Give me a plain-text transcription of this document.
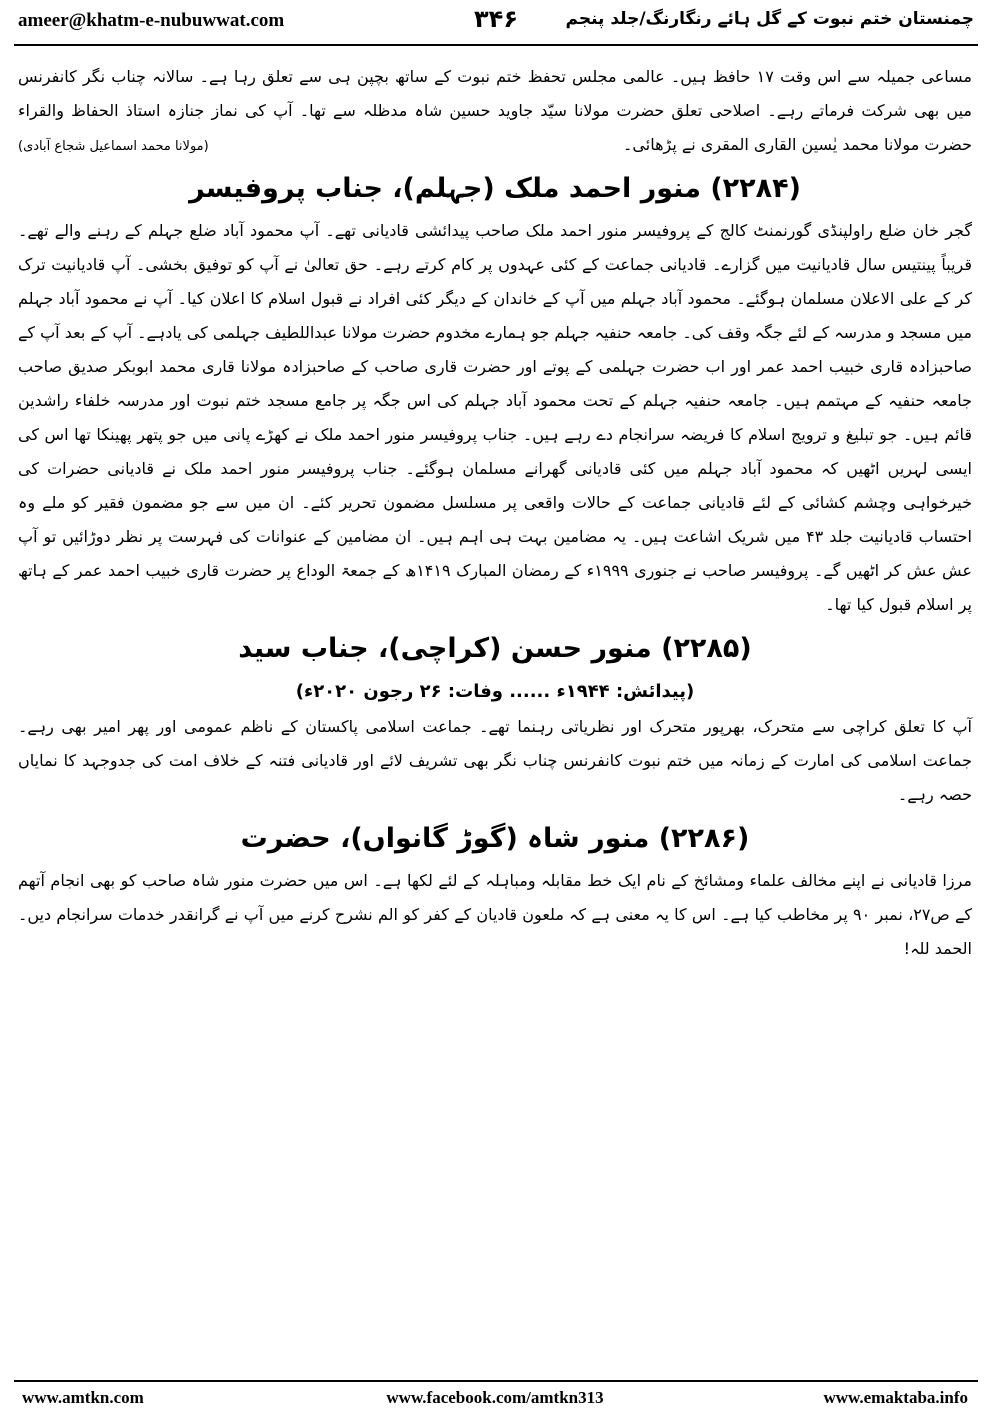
ameer@khatm-e-nubuwwat.com	۳۴۶	چمنستان ختم نبوت کے گل ہائے رنگارنگ/جلد پنجم

مساعی جمیلہ سے اس وقت ۱۷ حافظ ہیں۔ عالمی مجلس تحفظ ختم نبوت کے ساتھ بچپن ہی سے تعلق رہا ہے۔ سالانہ چناب نگر کانفرنس میں بھی شرکت فرماتے رہے۔ اصلاحی تعلق حضرت مولانا سیّد جاوید حسین شاہ مدظلہ سے تھا۔ آپ کی نماز جنازہ استاذ الحفاظ والقراء حضرت مولانا محمد یٰسین القاری المقری نے پڑھائی۔

(مولانا محمد اسماعیل شجاع آبادی)
(۲۲۸۴) منور احمد ملک (جہلم)، جناب پروفیسر

گجر خان ضلع راولپنڈی گورنمنٹ کالج کے پروفیسر منور احمد ملک صاحب پیدائشی قادیانی تھے۔ آپ محمود آباد ضلع جہلم کے رہنے والے تھے۔ قریباً پینتیس سال قادیانیت میں گزارے۔ قادیانی جماعت کے کئی عہدوں پر کام کرتے رہے۔ حق تعالیٰ نے آپ کو توفیق بخشی۔ آپ قادیانیت ترک کر کے علی الاعلان مسلمان ہوگئے۔ محمود آباد جہلم میں آپ کے خاندان کے دیگر کئی افراد نے قبول اسلام کا اعلان کیا۔ آپ نے محمود آباد جہلم میں مسجد و مدرسہ کے لئے جگہ وقف کی۔ جامعہ حنفیہ جہلم جو ہمارے مخدوم حضرت مولانا عبداللطیف جہلمی کی یادہے۔ آپ کے بعد آپ کے صاحبزادہ قاری خبیب احمد عمر اور اب حضرت جہلمی کے پوتے اور حضرت قاری صاحب کے صاحبزادہ مولانا قاری محمد ابوبکر صدیق صاحب جامعہ حنفیہ کے مہتمم ہیں۔ جامعہ حنفیہ جہلم کے تحت محمود آباد جہلم کی اس جگہ پر جامع مسجد ختم نبوت اور مدرسہ خلفاء راشدین قائم ہیں۔ جو تبلیغ و ترویج اسلام کا فریضہ سرانجام دے رہے ہیں۔ جناب پروفیسر منور احمد ملک نے کھڑے پانی میں جو پتھر پھینکا تھا اس کی ایسی لہریں اٹھیں کہ محمود آباد جہلم میں کئی قادیانی گھرانے مسلمان ہوگئے۔ جناب پروفیسر منور احمد ملک نے قادیانی حضرات کی خیرخواہی وچشم کشائی کے لئے قادیانی جماعت کے حالات واقعی پر مسلسل مضمون تحریر کئے۔ ان میں سے جو مضمون فقیر کو ملے وہ احتساب قادیانیت جلد ۴۳ میں شریک اشاعت ہیں۔ یہ مضامین بہت ہی اہم ہیں۔ ان مضامین کے عنوانات کی فہرست پر نظر دوڑائیں تو آپ عش عش کر اٹھیں گے۔ پروفیسر صاحب نے جنوری ۱۹۹۹ء کے رمضان المبارک ۱۴۱۹ھ کے جمعۃ الوداع پر حضرت قاری خبیب احمد عمر کے ہاتھ پر اسلام قبول کیا تھا۔

(۲۲۸۵) منور حسن (کراچی)، جناب سید
(پیدائش: ۱۹۴۴ء ...... وفات: ۲۶ رجون ۲۰۲۰ء)

آپ کا تعلق کراچی سے متحرک، بھرپور متحرک اور نظریاتی رہنما تھے۔ جماعت اسلامی پاکستان کے ناظم عمومی اور پھر امیر بھی رہے۔ جماعت اسلامی کی امارت کے زمانہ میں ختم نبوت کانفرنس چناب نگر بھی تشریف لائے اور قادیانی فتنہ کے خلاف امت کی جدوجہد کا نمایاں حصہ رہے۔

(۲۲۸۶) منور شاہ (گوڑ گانواں)، حضرت

مرزا قادیانی نے اپنے مخالف علماء ومشائخ کے نام ایک خط مقابلہ ومباہلہ کے لئے لکھا ہے۔ اس میں حضرت منور شاہ صاحب کو بھی انجام آتھم کے ص۲۷، نمبر ۹۰ پر مخاطب کیا ہے۔ اس کا یہ معنی ہے کہ ملعون قادیان کے کفر کو الم نشرح کرنے میں آپ نے گرانقدر خدمات سرانجام دیں۔ الحمد للہ!

www.amtkn.com	www.facebook.com/amtkn313	www.emaktaba.info
